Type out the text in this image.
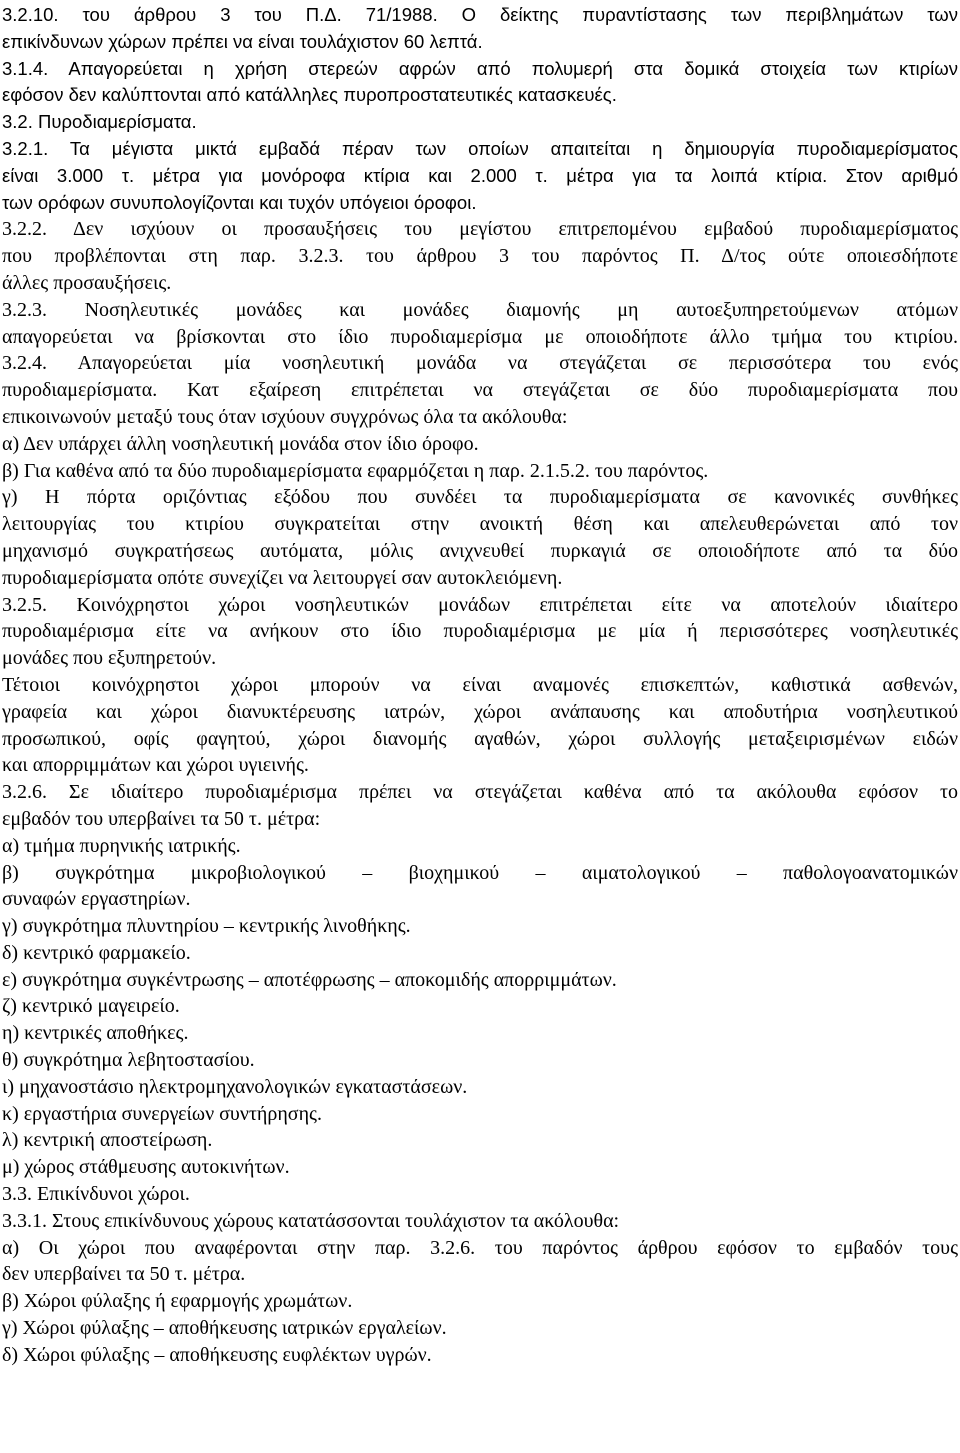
3.2.10. του άρθρου 3 του Π.Δ. 71/1988. Ο δείκτης πυραντίστασης των περιβλημάτων των
επικίνδυνων χώρων πρέπει να είναι τουλάχιστον 60 λεπτά.
3.1.4. Απαγορεύεται η χρήση στερεών αφρών από πολυμερή στα δομικά στοιχεία των κτιρίων
εφόσον δεν καλύπτονται από κατάλληλες πυροπροστατευτικές κατασκευές.
3.2. Πυροδιαμερίσματα.
3.2.1. Τα μέγιστα μικτά εμβαδά πέραν των οποίων απαιτείται η δημιουργία πυροδιαμερίσματος
είναι 3.000 τ. μέτρα για μονόροφα κτίρια και 2.000 τ. μέτρα για τα λοιπά κτίρια. Στον αριθμό
των ορόφων συνυπολογίζονται και τυχόν υπόγειοι όροφοι.
3.2.2. Δεν ισχύουν οι προσαυξήσεις του μεγίστου επιτρεπομένου εμβαδού πυροδιαμερίσματος
που προβλέπονται στη παρ. 3.2.3. του άρθρου 3 του παρόντος Π. Δ/τος ούτε οποιεσδήποτε
άλλες προσαυξήσεις.
3.2.3. Νοσηλευτικές μονάδες και μονάδες διαμονής μη αυτοεξυπηρετούμενων ατόμων
απαγορεύεται να βρίσκονται στο ίδιο πυροδιαμερίσμα με οποιοδήποτε άλλο τμήμα του κτιρίου.
3.2.4. Απαγορεύεται μία νοσηλευτική μονάδα να στεγάζεται σε περισσότερα του ενός
πυροδιαμερίσματα. Κατ εξαίρεση επιτρέπεται να στεγάζεται σε δύο πυροδιαμερίσματα που
επικοινωνούν μεταξύ τους όταν ισχύουν συγχρόνως όλα τα ακόλουθα:
α) Δεν υπάρχει άλλη νοσηλευτική μονάδα στον ίδιο όροφο.
β) Για καθένα από τα δύο πυροδιαμερίσματα εφαρμόζεται η παρ. 2.1.5.2. του παρόντος.
γ) Η πόρτα οριζόντιας εξόδου που συνδέει τα πυροδιαμερίσματα σε κανονικές συνθήκες
λειτουργίας του κτιρίου συγκρατείται στην ανοικτή θέση και απελευθερώνεται από τον
μηχανισμό συγκρατήσεως αυτόματα, μόλις ανιχνευθεί πυρκαγιά σε οποιοδήποτε από τα δύο
πυροδιαμερίσματα οπότε συνεχίζει να λειτουργεί σαν αυτοκλειόμενη.
3.2.5. Κοινόχρηστοι χώροι νοσηλευτικών μονάδων επιτρέπεται είτε να αποτελούν ιδιαίτερο
πυροδιαμέρισμα είτε να ανήκουν στο ίδιο πυροδιαμέρισμα με μία ή περισσότερες νοσηλευτικές
μονάδες που εξυπηρετούν.
Τέτοιοι κοινόχρηστοι χώροι μπορούν να είναι αναμονές επισκεπτών, καθιστικά ασθενών,
γραφεία και χώροι διανυκτέρευσης ιατρών, χώροι ανάπαυσης και αποδυτήρια νοσηλευτικού
προσωπικού, οφίς φαγητού, χώροι διανομής αγαθών, χώροι συλλογής μεταξειρισμένων ειδών
και απορριμμάτων και χώροι υγιεινής.
3.2.6. Σε ιδιαίτερο πυροδιαμέρισμα πρέπει να στεγάζεται καθένα από τα ακόλουθα εφόσον το
εμβαδόν του υπερβαίνει τα 50 τ. μέτρα:
α) τμήμα πυρηνικής ιατρικής.
β) συγκρότημα μικροβιολογικού – βιοχημικού – αιματολογικού – παθολογοανατομικών
συναφών εργαστηρίων.
γ) συγκρότημα πλυντηρίου – κεντρικής λινοθήκης.
δ) κεντρικό φαρμακείο.
ε) συγκρότημα συγκέντρωσης – αποτέφρωσης – αποκομιδής απορριμμάτων.
ζ) κεντρικό μαγειρείο.
η) κεντρικές αποθήκες.
θ) συγκρότημα λεβητοστασίου.
ι) μηχανοστάσιο ηλεκτρομηχανολογικών εγκαταστάσεων.
κ) εργαστήρια συνεργείων συντήρησης.
λ) κεντρική αποστείρωση.
μ) χώρος στάθμευσης αυτοκινήτων.
3.3. Επικίνδυνοι χώροι.
3.3.1. Στους επικίνδυνους χώρους κατατάσσονται τουλάχιστον τα ακόλουθα:
α) Οι χώροι που αναφέρονται στην παρ. 3.2.6. του παρόντος άρθρου εφόσον το εμβαδόν τους
δεν υπερβαίνει τα 50 τ. μέτρα.
β) Χώροι φύλαξης ή εφαρμογής χρωμάτων.
γ) Χώροι φύλαξης – αποθήκευσης ιατρικών εργαλείων.
δ) Χώροι φύλαξης – αποθήκευσης ευφλέκτων υγρών.
